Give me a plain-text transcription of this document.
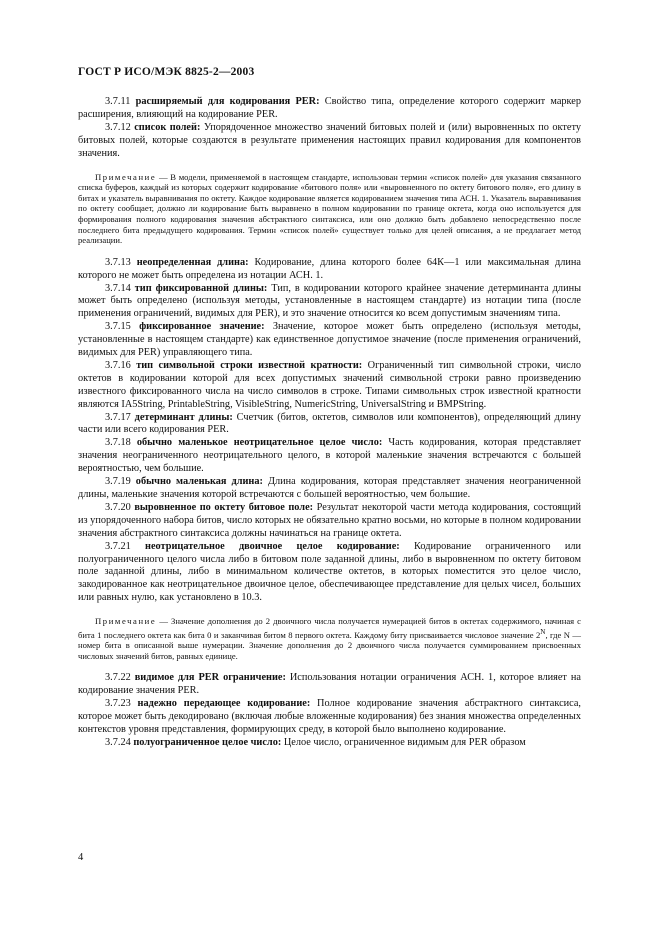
ГОСТ Р ИСО/МЭК 8825-2—2003

3.7.11 расширяемый для кодирования PER: Свойство типа, определение которого содержит маркер расширения, влияющий на кодирование PER.

3.7.12 список полей: Упорядоченное множество значений битовых полей и (или) выровненных по октету битовых полей, которые создаются в результате применения настоящих правил кодирования для компонентов значения.

Примечание — В модели, применяемой в настоящем стандарте, использован термин «список полей» для указания связанного списка буферов, каждый из которых содержит кодирование «битового поля» или «выровненного по октету битового поля», его длину в битах и указатель выравнивания по октету. Каждое кодирование является кодированием значения типа АСН. 1. Указатель выравнивания по октету сообщает, должно ли кодирование быть выравнено в полном кодировании по границе октета, когда оно используется для формирования полного кодирования значения абстрактного синтаксиса, или оно должно быть добавлено непосредственно после последнего бита предыдущего кодирования. Термин «список полей» существует только для целей описания, а не предлагает метод реализации.

3.7.13 неопределенная длина: Кодирование, длина которого более 64К—1 или максимальная длина которого не может быть определена из нотации АСН. 1.

3.7.14 тип фиксированной длины: Тип, в кодировании которого крайнее значение детерминанта длины может быть определено (используя методы, установленные в настоящем стандарте) из нотации типа (после применения ограничений, видимых для PER), и это значение относится ко всем допустимым значениям типа.

3.7.15 фиксированное значение: Значение, которое может быть определено (используя методы, установленные в настоящем стандарте) как единственное допустимое значение (после применения ограничений, видимых для PER) управляющего типа.

3.7.16 тип символьной строки известной кратности: Ограниченный тип символьной строки, число октетов в кодировании которой для всех допустимых значений символьной строки равно произведению известного фиксированного числа на число символов в строке. Типами символьных строк известной кратности являются IA5String, PrintableString, VisibleString, NumericString, UniversalString и BMPString.

3.7.17 детерминант длины: Счетчик (битов, октетов, символов или компонентов), определяющий длину части или всего кодирования PER.

3.7.18 обычно маленькое неотрицательное целое число: Часть кодирования, которая представляет значения неограниченного неотрицательного целого, в которой маленькие значения встречаются с большей вероятностью, чем большие.

3.7.19 обычно маленькая длина: Длина кодирования, которая представляет значения неограниченной длины, маленькие значения которой встречаются с большей вероятностью, чем большие.

3.7.20 выровненное по октету битовое поле: Результат некоторой части метода кодирования, состоящий из упорядоченного набора битов, число которых не обязательно кратно восьми, но которые в полном кодировании значения абстрактного синтаксиса должны начинаться на границе октета.

3.7.21 неотрицательное двоичное целое кодирование: Кодирование ограниченного или полуограниченного целого числа либо в битовом поле заданной длины, либо в выровненном по октету битовом поле заданной длины, либо в минимальном количестве октетов, в которых поместится это целое число, закодированное как неотрицательное двоичное целое, обеспечивающее представление для целых чисел, больших или равных нулю, как установлено в 10.3.

Примечание — Значение дополнения до 2 двоичного числа получается нумерацией битов в октетах содержимого, начиная с бита 1 последнего октета как бита 0 и заканчивая битом 8 первого октета. Каждому биту присваивается числовое значение $2^N$, где N — номер бита в описанной выше нумерации. Значение дополнения до 2 двоичного числа получается суммированием присвоенных числовых значений битов, равных единице.

3.7.22 видимое для PER ограничение: Использования нотации ограничения АСН. 1, которое влияет на кодирование значения PER.

3.7.23 надежно передающее кодирование: Полное кодирование значения абстрактного синтаксиса, которое может быть декодировано (включая любые вложенные кодирования) без знания множества определенных контекстов уровня представления, формирующих среду, в которой было выполнено кодирование.

3.7.24 полуограниченное целое число: Целое число, ограниченное видимым для PER образом

4
